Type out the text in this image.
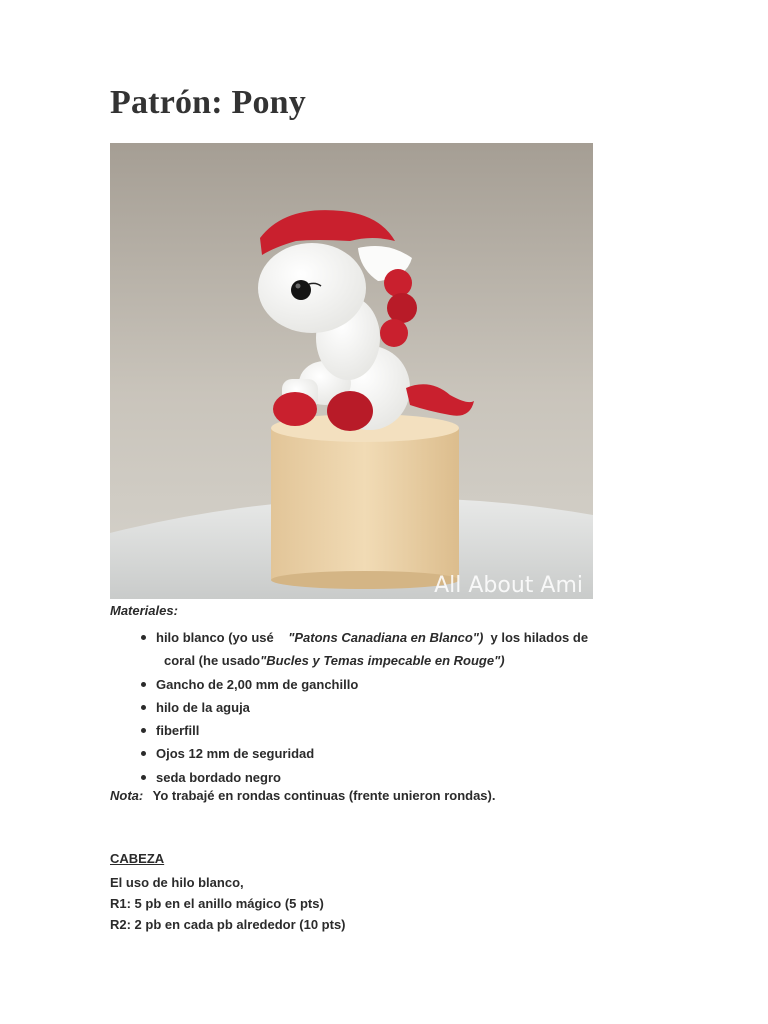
Patrón: Pony
All About Ami
Materiales:
hilo blanco (yo usé "Patons Canadiana en Blanco") y los hilados de
coral (he usado"Bucles y Temas impecable en Rouge")
Gancho de 2,00 mm de ganchillo
hilo de la aguja
fiberfill
Ojos 12 mm de seguridad
seda bordado negro
Nota: Yo trabajé en rondas continuas (frente unieron rondas).
CABEZA
El uso de hilo blanco,
R1: 5 pb en el anillo mágico (5 pts)
R2: 2 pb en cada pb alrededor (10 pts)
